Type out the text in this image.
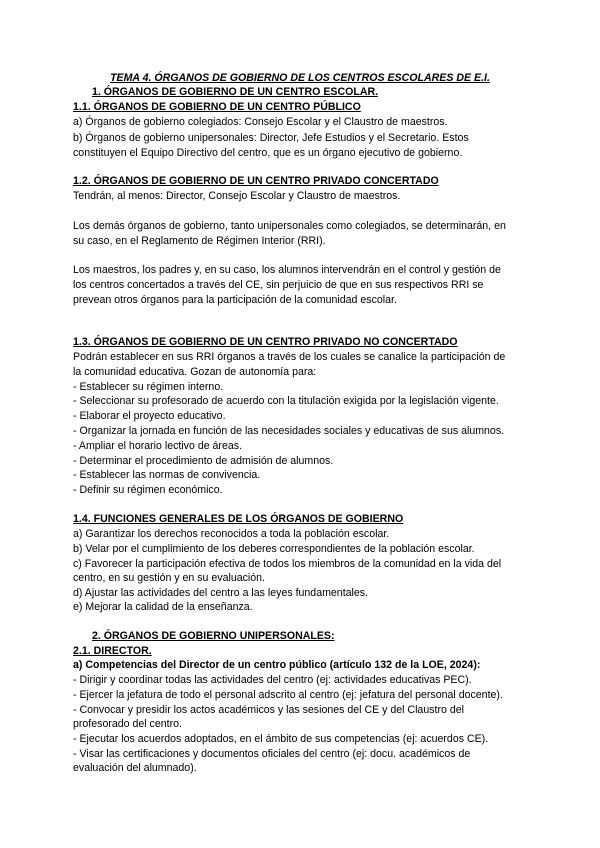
TEMA 4. ÓRGANOS DE GOBIERNO DE LOS CENTROS ESCOLARES DE E.I.
1. ÓRGANOS DE GOBIERNO DE UN CENTRO ESCOLAR.
1.1. ÓRGANOS DE GOBIERNO DE UN CENTRO PÚBLICO
a) Órganos de gobierno colegiados: Consejo Escolar y el Claustro de maestros.
b) Órganos de gobierno unipersonales: Director, Jefe Estudios y el Secretario. Estos
constituyen el Equipo Directivo del centro, que es un órgano ejecutivo de gobierno.
1.2. ÓRGANOS DE GOBIERNO DE UN CENTRO PRIVADO CONCERTADO
Tendrán, al menos: Director, Consejo Escolar y Claustro de maestros.
Los demás órganos de gobierno, tanto unipersonales como colegiados, se determinarán, en
su caso, en el Reglamento de Régimen Interior (RRI).
Los maestros, los padres y, en su caso, los alumnos intervendrán en el control y gestión de
los centros concertados a través del CE, sin perjuicio de que en sus respectivos RRI se
prevean otros órganos para la participación de la comunidad escolar.
1.3. ÓRGANOS DE GOBIERNO DE UN CENTRO PRIVADO NO CONCERTADO
Podrán establecer en sus RRI órganos a través de los cuales se canalice la participación de
la comunidad educativa. Gozan de autonomía para:
- Establecer su régimen interno.
- Seleccionar su profesorado de acuerdo con la titulación exigida por la legislación vigente.
- Elaborar el proyecto educativo.
- Organizar la jornada en función de las necesidades sociales y educativas de sus alumnos.
- Ampliar el horario lectivo de áreas.
- Determinar el procedimiento de admisión de alumnos.
- Establecer las normas de convivencia.
- Definir su régimen económico.
1.4. FUNCIONES GENERALES DE LOS ÓRGANOS DE GOBIERNO
a) Garantizar los derechos reconocidos a toda la población escolar.
b) Velar por el cumplimiento de los deberes correspondientes de la población escolar.
c) Favorecer la participación efectiva de todos los miembros de la comunidad en la vida del
centro, en su gestión y en su evaluación.
d) Ajustar las actividades del centro a las leyes fundamentales.
e) Mejorar la calidad de la enseñanza.
2. ÓRGANOS DE GOBIERNO UNIPERSONALES:
2.1. DIRECTOR.
a) Competencias del Director de un centro público (artículo 132 de la LOE, 2024):
- Dirigir y coordinar todas las actividades del centro (ej: actividades educativas PEC).
- Ejercer la jefatura de todo el personal adscrito al centro (ej: jefatura del personal docente).
- Convocar y presidir los actos académicos y las sesiones del CE y del Claustro del
profesorado del centro.
- Ejecutar los acuerdos adoptados, en el ámbito de sus competencias (ej: acuerdos CE).
- Visar las certificaciones y documentos oficiales del centro (ej: docu. académicos de
evaluación del alumnado).
